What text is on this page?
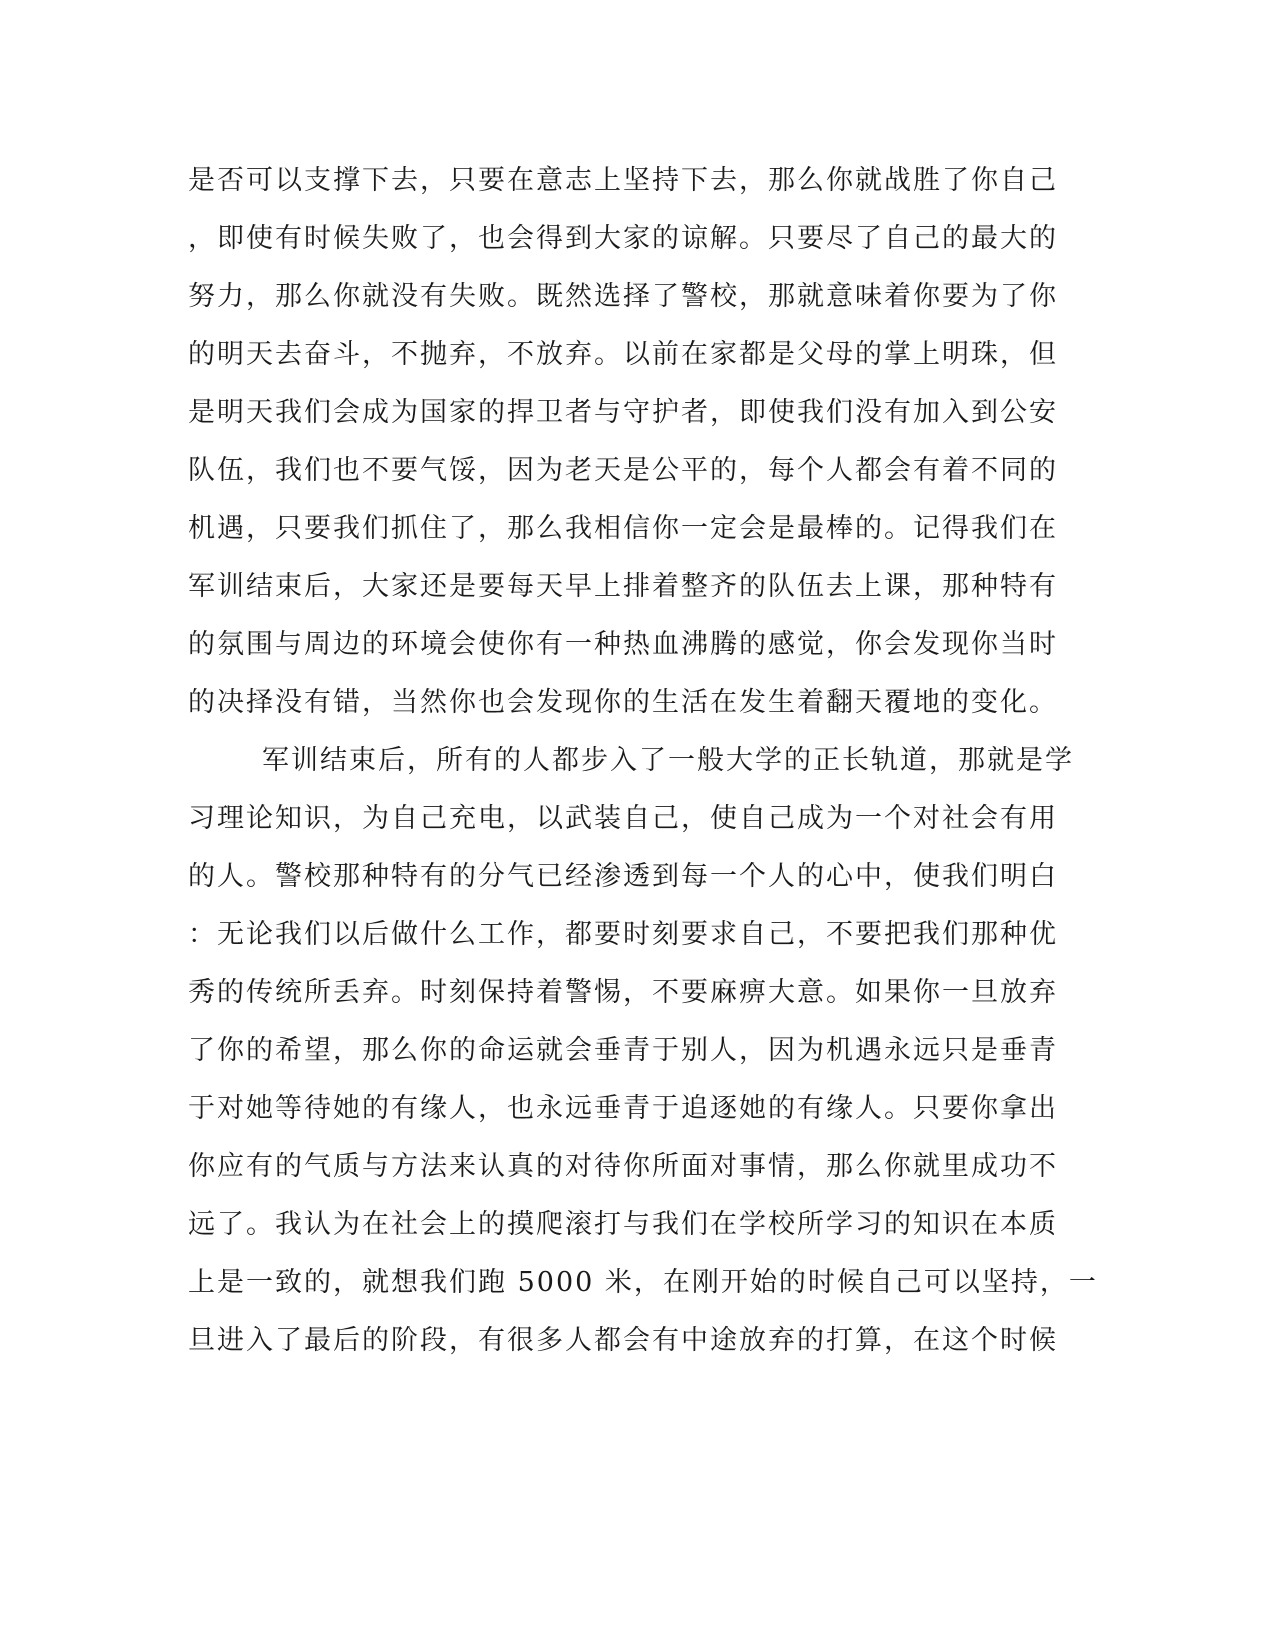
是否可以支撑下去，只要在意志上坚持下去，那么你就战胜了你自己
，即使有时候失败了，也会得到大家的谅解。只要尽了自己的最大的
努力，那么你就没有失败。既然选择了警校，那就意味着你要为了你
的明天去奋斗，不抛弃，不放弃。以前在家都是父母的掌上明珠，但
是明天我们会成为国家的捍卫者与守护者，即使我们没有加入到公安
队伍，我们也不要气馁，因为老天是公平的，每个人都会有着不同的
机遇，只要我们抓住了，那么我相信你一定会是最棒的。记得我们在
军训结束后，大家还是要每天早上排着整齐的队伍去上课，那种特有
的氛围与周边的环境会使你有一种热血沸腾的感觉，你会发现你当时
的决择没有错，当然你也会发现你的生活在发生着翻天覆地的变化。
军训结束后，所有的人都步入了一般大学的正长轨道，那就是学
习理论知识，为自己充电，以武装自己，使自己成为一个对社会有用
的人。警校那种特有的分气已经渗透到每一个人的心中，使我们明白
：无论我们以后做什么工作，都要时刻要求自己，不要把我们那种优
秀的传统所丢弃。时刻保持着警惕，不要麻痹大意。如果你一旦放弃
了你的希望，那么你的命运就会垂青于别人，因为机遇永远只是垂青
于对她等待她的有缘人，也永远垂青于追逐她的有缘人。只要你拿出
你应有的气质与方法来认真的对待你所面对事情，那么你就里成功不
远了。我认为在社会上的摸爬滚打与我们在学校所学习的知识在本质
上是一致的，就想我们跑 5000 米，在刚开始的时候自己可以坚持，一
旦进入了最后的阶段，有很多人都会有中途放弃的打算，在这个时候
